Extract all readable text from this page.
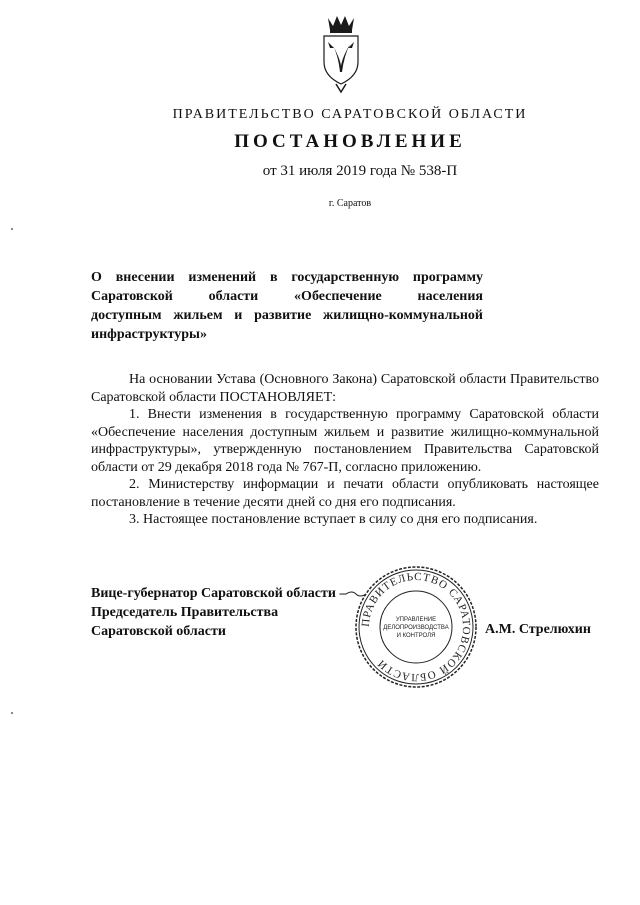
ПРАВИТЕЛЬСТВО САРАТОВСКОЙ ОБЛАСТИ
ПОСТАНОВЛЕНИЕ
от 31 июля 2019 года № 538-П
г. Саратов
О внесении изменений в государственную программу
Саратовской области «Обеспечение населения
доступным жильем и развитие жилищно-коммунальной
инфраструктуры»

На основании Устава (Основного Закона) Саратовской области Правительство Саратовской области ПОСТАНОВЛЯЕТ:

1. Внести изменения в государственную программу Саратовской области «Обеспечение населения доступным жильем и развитие жилищно-коммунальной инфраструктуры», утвержденную постановлением Правительства Саратовской области от 29 декабря 2018 года № 767-П, согласно приложению.

2. Министерству информации и печати области опубликовать настоящее постановление в течение десяти дней со дня его подписания.

3. Настоящее постановление вступает в силу со дня его подписания.

Вице-губернатор Саратовской области –
Председатель Правительства
Саратовской области
ПРАВИТЕЛЬСТВО САРАТОВСКОЙ ОБЛАСТИ
УПРАВЛЕНИЕ
ДЕЛОПРОИЗВОДСТВА
И КОНТРОЛЯ	А.М. Стрелюхин
